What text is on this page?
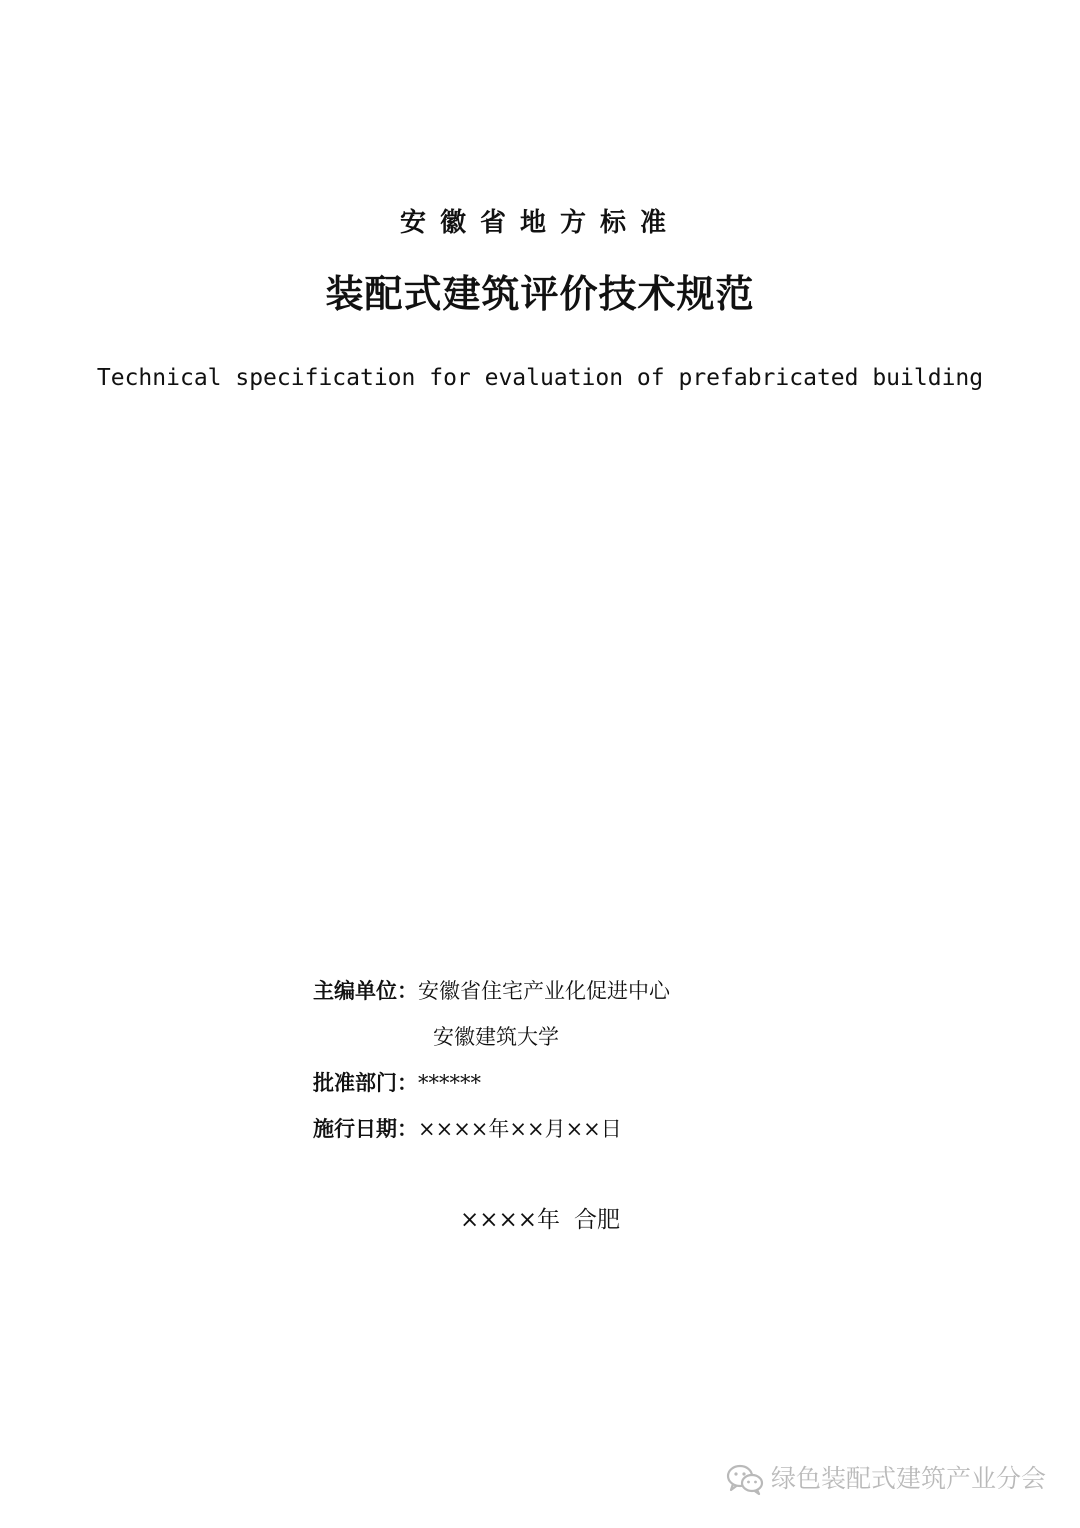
安徽省地方标准
装配式建筑评价技术规范
Technical specification for evaluation of prefabricated building
主编单位： 安徽省住宅产业化促进中心
安徽建筑大学
批准部门： ******
施行日期： ××××年××月××日
××××年 合肥
绿色装配式建筑产业分会
